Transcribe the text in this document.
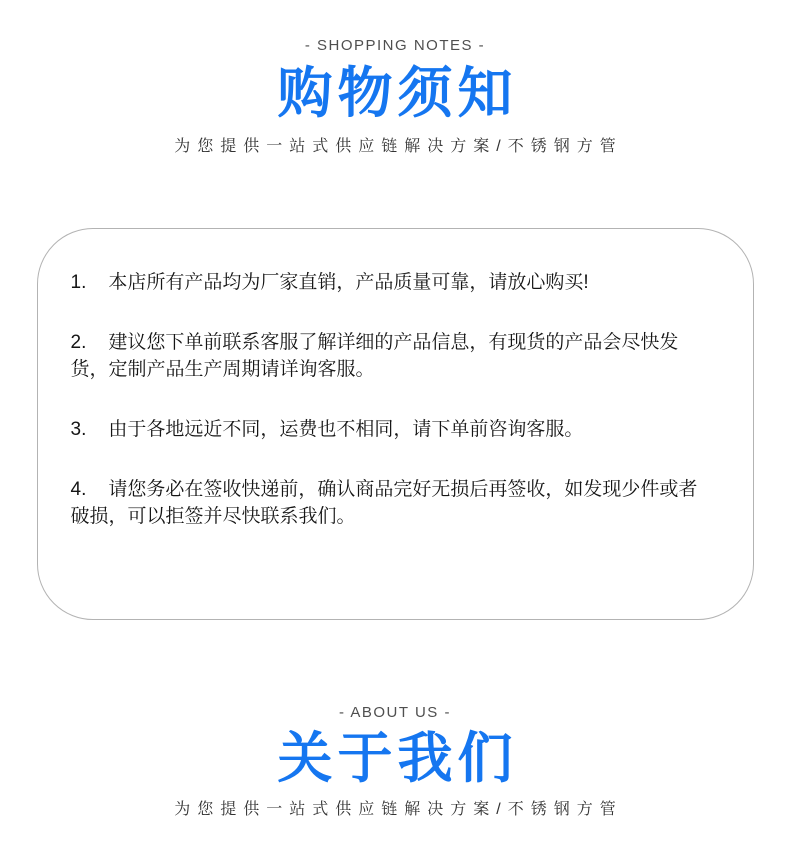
- SHOPPING NOTES -
购物须知
为您提供一站式供应链解决方案/不锈钢方管

1. 本店所有产品均为厂家直销，产品质量可靠，请放心购买!

2. 建议您下单前联系客服了解详细的产品信息，有现货的产品会尽快发货，定制产品生产周期请详询客服。

3. 由于各地远近不同，运费也不相同，请下单前咨询客服。

4. 请您务必在签收快递前，确认商品完好无损后再签收，如发现少件或者破损，可以拒签并尽快联系我们。

- ABOUT US -
关于我们
为您提供一站式供应链解决方案/不锈钢方管
